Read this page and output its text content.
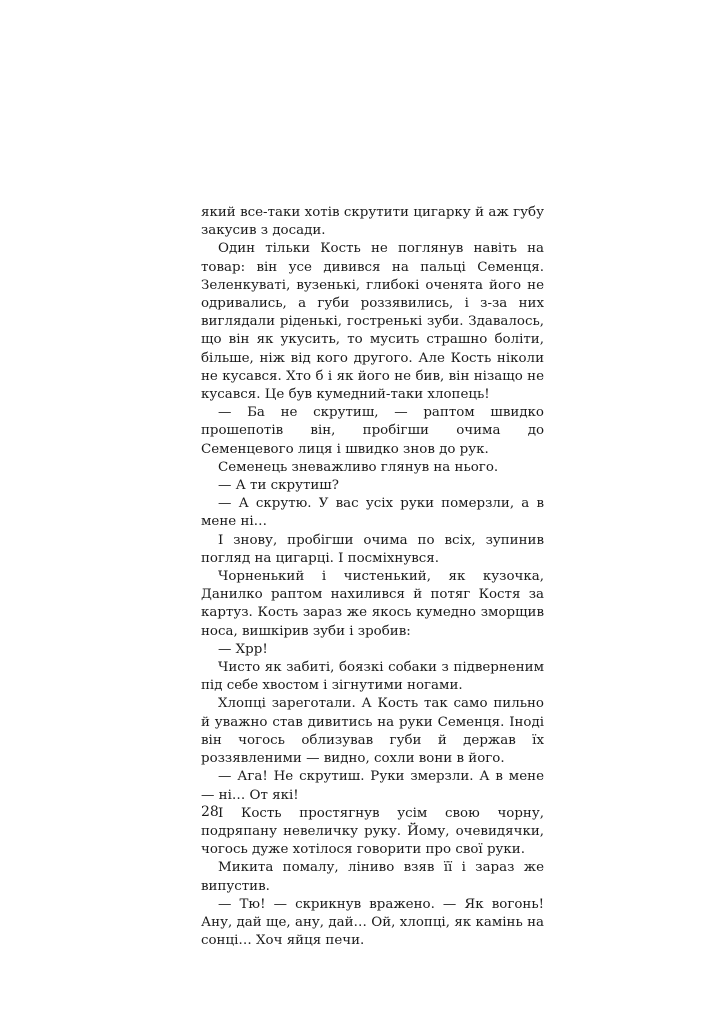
який все-таки хотів скрутити цигарку й аж губу закусив з досади.

Один тільки Кость не поглянув навіть на товар: він усе дивився на пальці Семенця. Зеленкуваті, вузенькі, глибокі оченята його не одривались, а губи роззявились, і з-за них виглядали ріденькі, гостренькі зуби. Здавалось, що він як укусить, то мусить страшно боліти, більше, ніж від кого другого. Але Кость ніколи не кусався. Хто б і як його не бив, він нізащо не кусався. Це був кумедний-таки хлопець!

— Ба не скрутиш, — раптом швидко прошепотів він, пробігши очима до Семенцевого лиця і швидко знов до рук.

Семенець зневажливо глянув на нього.

— А ти скрутиш?

— А скрутю. У вас усіх руки померзли, а в мене ні…

І знову, пробігши очима по всіх, зупинив погляд на цигарці. І посміхнувся.

Чорненький і чистенький, як кузочка, Данилко раптом нахилився й потяг Костя за картуз. Кость зараз же якось кумедно зморщив носа, вишкірив зуби і зробив:

— Хрр!

Чисто як забиті, боязкі собаки з підверненим під себе хвостом і зігнутими ногами.

Хлопці зареготали. А Кость так само пильно й уважно став дивитись на руки Семенця. Іноді він чогось облизував губи й держав їх роззявленими — видно, сохли вони в його.

— Ага! Не скрутиш. Руки змерзли. А в мене — ні… От які!

І Кость простягнув усім свою чорну, подряпану невеличку руку. Йому, очевидячки, чогось дуже хотілося говорити про свої руки.

Микита помалу, ліниво взяв її і зараз же випустив.

— Тю! — скрикнув вражено. — Як вогонь! Ану, дай ще, ану, дай… Ой, хлопці, як камінь на сонці… Хоч яйця печи.

28
